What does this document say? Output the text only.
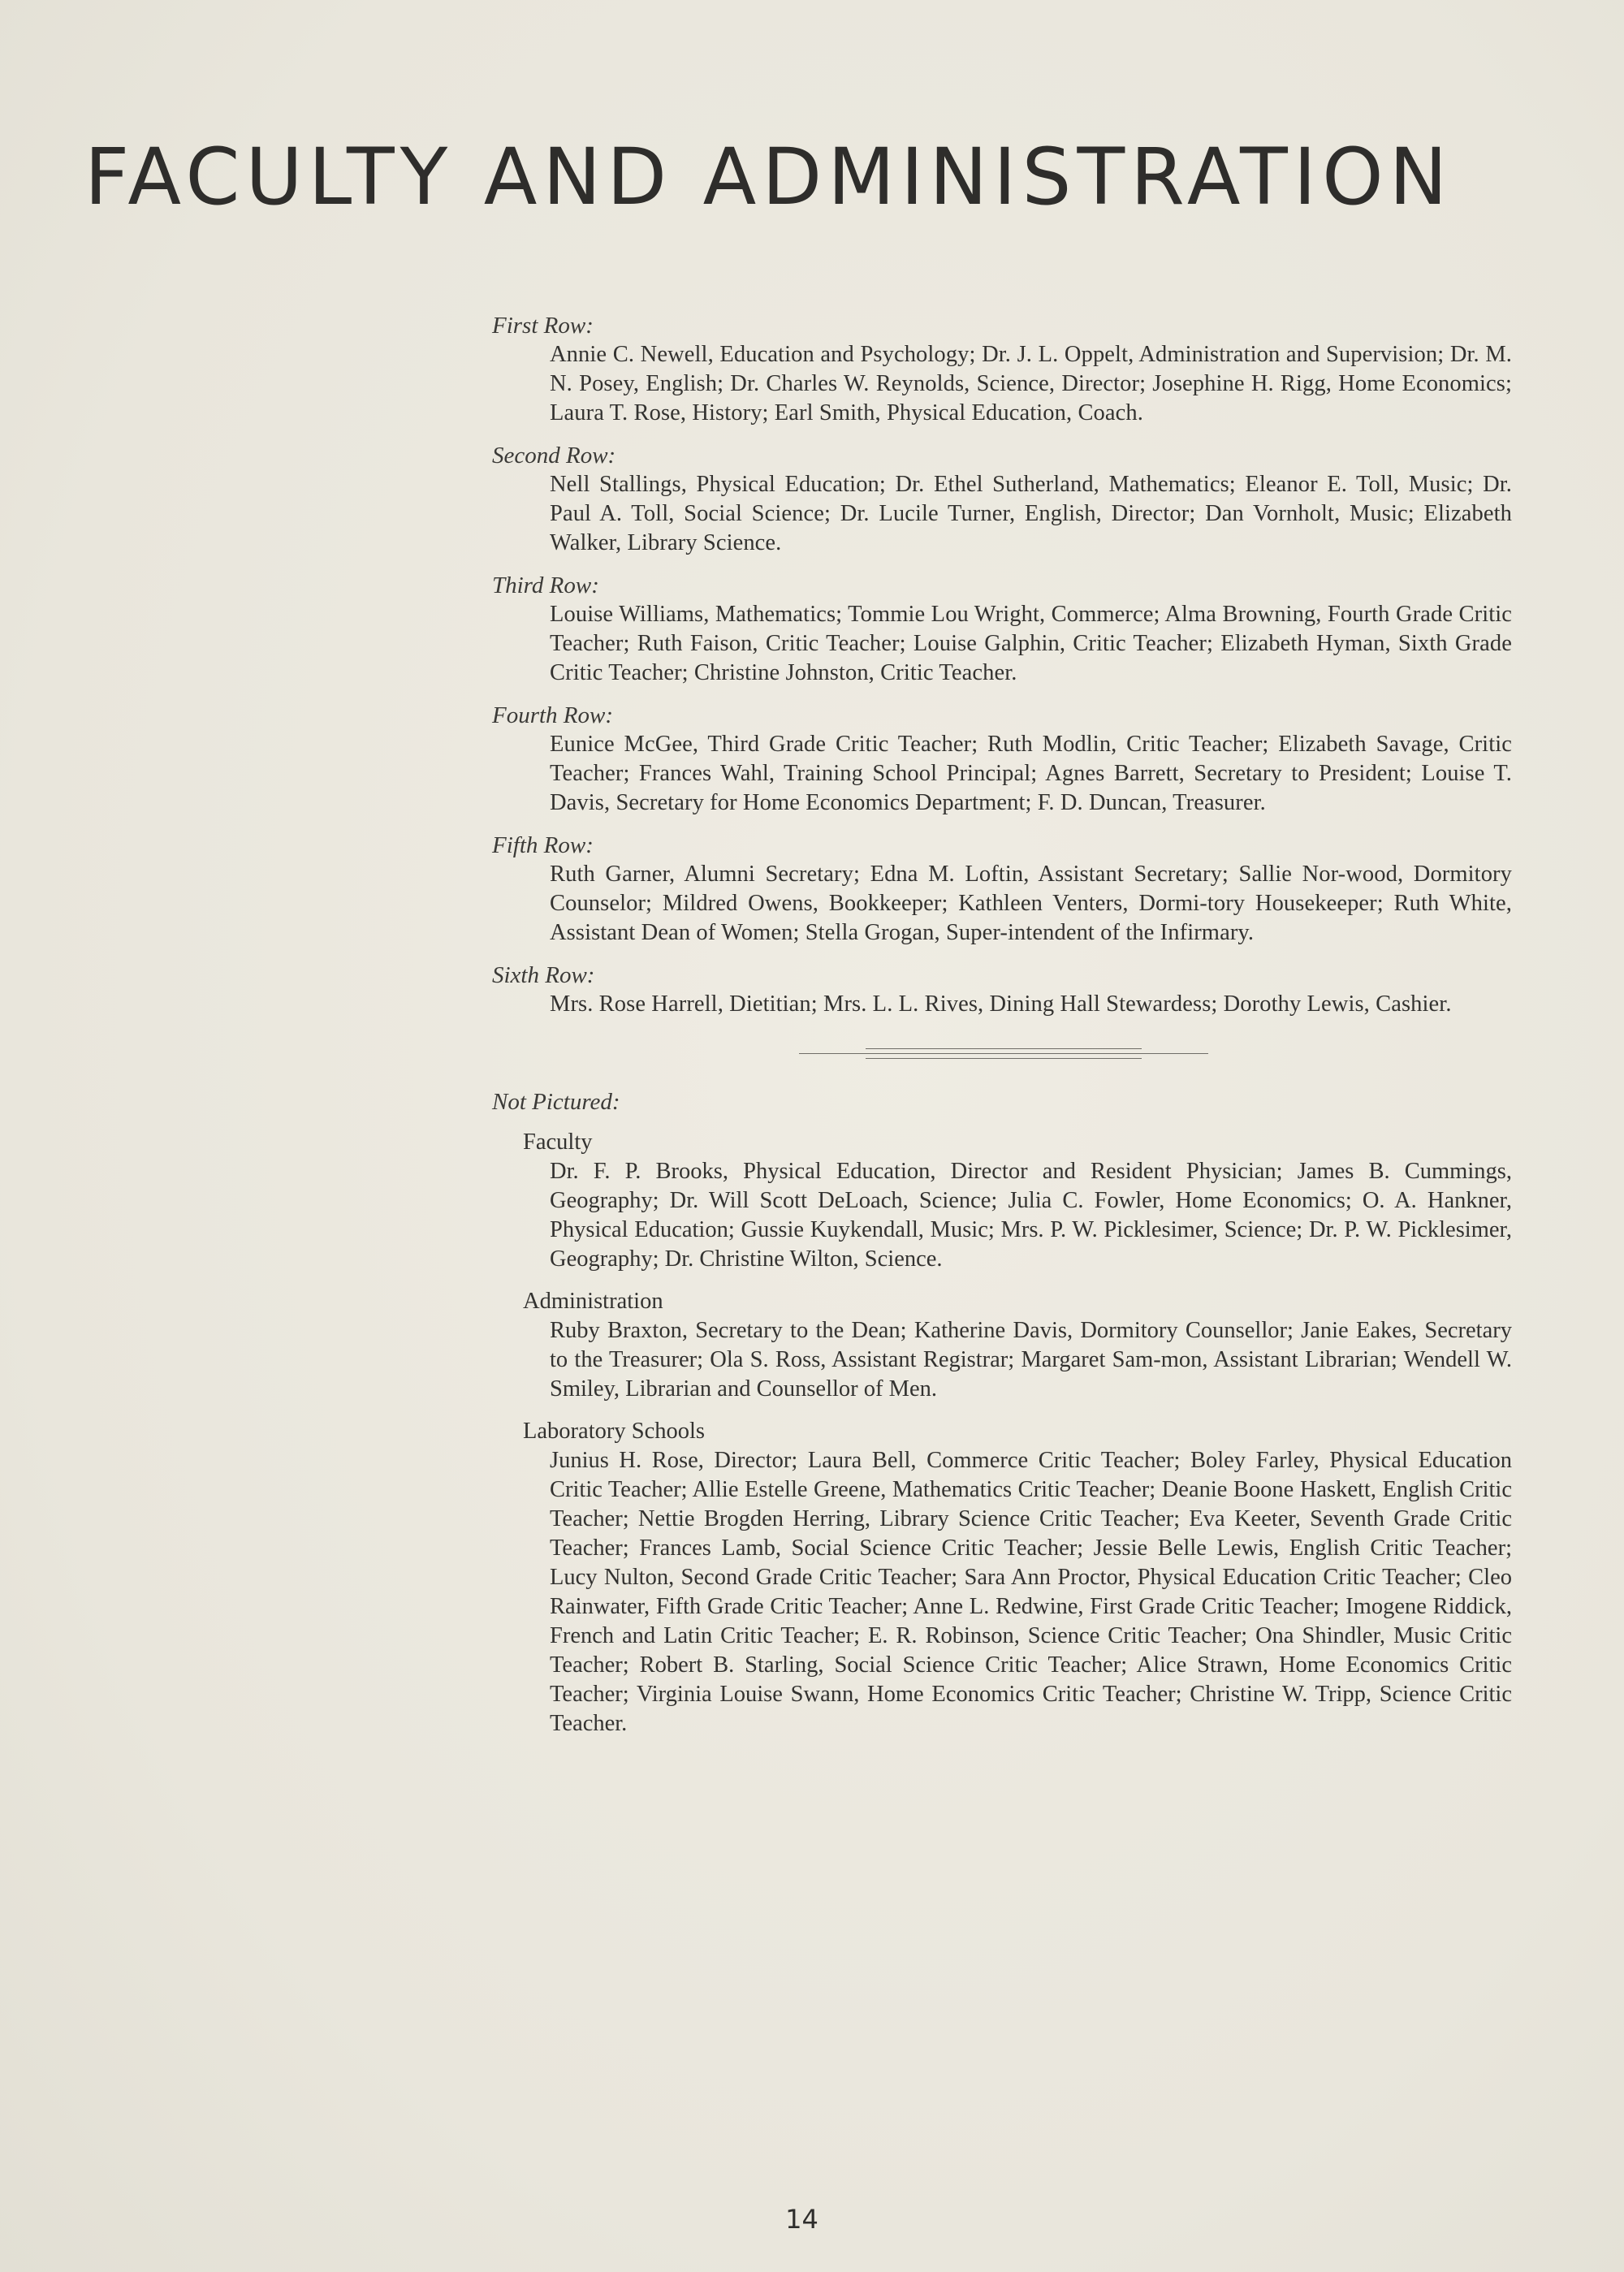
FACULTY AND ADMINISTRATION
First Row:
Annie C. Newell, Education and Psychology; Dr. J. L. Oppelt, Administration and Supervision; Dr. M. N. Posey, English; Dr. Charles W. Reynolds, Science, Director; Josephine H. Rigg, Home Economics; Laura T. Rose, History; Earl Smith, Physical Education, Coach.
Second Row:
Nell Stallings, Physical Education; Dr. Ethel Sutherland, Mathematics; Eleanor E. Toll, Music; Dr. Paul A. Toll, Social Science; Dr. Lucile Turner, English, Director; Dan Vornholt, Music; Elizabeth Walker, Library Science.
Third Row:
Louise Williams, Mathematics; Tommie Lou Wright, Commerce; Alma Browning, Fourth Grade Critic Teacher; Ruth Faison, Critic Teacher; Louise Galphin, Critic Teacher; Elizabeth Hyman, Sixth Grade Critic Teacher; Christine Johnston, Critic Teacher.
Fourth Row:
Eunice McGee, Third Grade Critic Teacher; Ruth Modlin, Critic Teacher; Elizabeth Savage, Critic Teacher; Frances Wahl, Training School Principal; Agnes Barrett, Secretary to President; Louise T. Davis, Secretary for Home Economics Department; F. D. Duncan, Treasurer.
Fifth Row:
Ruth Garner, Alumni Secretary; Edna M. Loftin, Assistant Secretary; Sallie Nor-wood, Dormitory Counselor; Mildred Owens, Bookkeeper; Kathleen Venters, Dormi-tory Housekeeper; Ruth White, Assistant Dean of Women; Stella Grogan, Super-intendent of the Infirmary.
Sixth Row:
Mrs. Rose Harrell, Dietitian; Mrs. L. L. Rives, Dining Hall Stewardess; Dorothy Lewis, Cashier.
Not Pictured:
Faculty
Dr. F. P. Brooks, Physical Education, Director and Resident Physician; James B. Cummings, Geography; Dr. Will Scott DeLoach, Science; Julia C. Fowler, Home Economics; O. A. Hankner, Physical Education; Gussie Kuykendall, Music; Mrs. P. W. Picklesimer, Science; Dr. P. W. Picklesimer, Geography; Dr. Christine Wilton, Science.
Administration
Ruby Braxton, Secretary to the Dean; Katherine Davis, Dormitory Counsellor; Janie Eakes, Secretary to the Treasurer; Ola S. Ross, Assistant Registrar; Margaret Sam-mon, Assistant Librarian; Wendell W. Smiley, Librarian and Counsellor of Men.
Laboratory Schools
Junius H. Rose, Director; Laura Bell, Commerce Critic Teacher; Boley Farley, Physical Education Critic Teacher; Allie Estelle Greene, Mathematics Critic Teacher; Deanie Boone Haskett, English Critic Teacher; Nettie Brogden Herring, Library Science Critic Teacher; Eva Keeter, Seventh Grade Critic Teacher; Frances Lamb, Social Science Critic Teacher; Jessie Belle Lewis, English Critic Teacher; Lucy Nulton, Second Grade Critic Teacher; Sara Ann Proctor, Physical Education Critic Teacher; Cleo Rainwater, Fifth Grade Critic Teacher; Anne L. Redwine, First Grade Critic Teacher; Imogene Riddick, French and Latin Critic Teacher; E. R. Robinson, Science Critic Teacher; Ona Shindler, Music Critic Teacher; Robert B. Starling, Social Science Critic Teacher; Alice Strawn, Home Economics Critic Teacher; Virginia Louise Swann, Home Economics Critic Teacher; Christine W. Tripp, Science Critic Teacher.
14
